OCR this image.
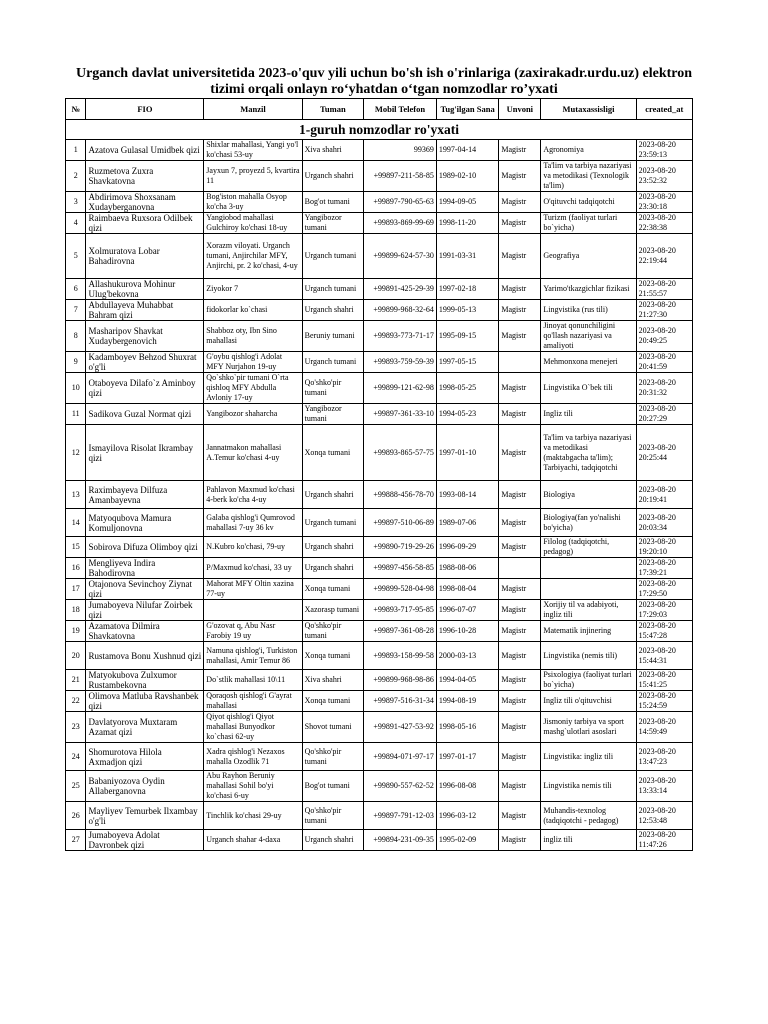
Urganch davlat universitetida 2023-o'quv yili uchun bo'sh ish o'rinlariga (zaxirakadr.urdu.uz) elektron
tizimi orqali onlayn ro‘yhatdan o‘tgan nomzodlar ro’yxati
№	FIO	Manzil	Tuman	Mobil Telefon	Tug'ilgan Sana	Unvoni	Mutaxassisligi	created_at
1-guruh nomzodlar ro'yxati								
1	Azatova Gulasal Umidbek qizi	Shixlar mahallasi, Yangi yo'l ko'chasi 53-uy	Xiva shahri	99369	1997-04-14	Magistr	Agronomiya	2023-08-20 23:59:13
2	Ruzmetova Zuxra Shavkatovna	Jayxun 7, proyezd 5, kvartira 11	Urganch shahri	+99897-211-58-85	1989-02-10	Magistr	Ta'lim va tarbiya nazariyasi va metodikasi (Texnologik ta'lim)	2023-08-20 23:52:32
3	Abdirimova Shoxsanam Xudayberganovna	Bog'iston mahalla Osyop ko'cha 3-uy	Bog'ot tumani	+99897-790-65-63	1994-09-05	Magistr	O'qituvchi tadqiqotchi	2023-08-20 23:30:18
4	Raimbaeva Ruxsora Odilbek qizi	Yangiobod mahallasi Gulchiroy ko'chasi 18-uy	Yangibozor tumani	+99893-869-99-69	1998-11-20	Magistr	Turizm (faoliyat turlari bo`yicha)	2023-08-20 22:38:38
5	Xolmuratova Lobar Bahadirovna	Xorazm viloyati. Urganch tumani, Anjirchilar MFY, Anjirchi, pr. 2 ko'chasi, 4-uy	Urganch tumani	+99899-624-57-30	1991-03-31	Magistr	Geografiya	2023-08-20 22:19:44
6	Allashukurova Mohinur Ulug'bekovna	Ziyokor 7	Urganch tumani	+99891-425-29-39	1997-02-18	Magistr	Yarimo'tkazgichlar fizikasi	2023-08-20 21:55:57
7	Abdullayeva Muhabbat Bahram qizi	fidokorlar ko`chasi	Urganch shahri	+99899-968-32-64	1999-05-13	Magistr	Lingvistika (rus tili)	2023-08-20 21:27:30
8	Masharipov Shavkat Xudaybergenovich	Shabboz oty, Ibn Sino mahallasi	Beruniy tumani	+99893-773-71-17	1995-09-15	Magistr	Jinoyat qonunchiligini qo'llash nazariyasi va amaliyoti	2023-08-20 20:49:25
9	Kadamboyev Behzod Shuxrat o'g'li	G'oybu qishlog'i Adolat MFY Nurjahon 19-uy	Urganch tumani	+99893-759-59-39	1997-05-15		Mehmonxona menejeri	2023-08-20 20:41:59
10	Otaboyeva Dilafo`z Aminboy qizi	Qo`shko`pir tumani O`rta qishloq MFY Abdulla Avloniy 17-uy	Qo'shko'pir tumani	+99899-121-62-98	1998-05-25	Magistr	Lingvistika O`bek tili	2023-08-20 20:31:32
11	Sadikova Guzal Normat qizi	Yangibozor shaharcha	Yangibozor tumani	+99897-361-33-10	1994-05-23	Magistr	Ingliz tili	2023-08-20 20:27:29
12	Ismayilova Risolat Ikrambay qizi	Jannatmakon mahallasi A.Temur ko'chasi 4-uy	Xonqa tumani	+99893-865-57-75	1997-01-10	Magistr	Ta'lim va tarbiya nazariyasi va metodikasi (maktabgacha ta'lim); Tarbiyachi, tadqiqotchi	2023-08-20 20:25:44
13	Raximbayeva Dilfuza Amanbayevna	Pahlavon Maxmud ko'chasi 4-berk ko'cha 4-uy	Urganch shahri	+99888-456-78-70	1993-08-14	Magistr	Biologiya	2023-08-20 20:19:41
14	Matyoqubova Mamura Komuljonovna	Galaba qishlog'i Qumrovod mahallasi 7-uy 36 kv	Urganch tumani	+99897-510-06-89	1989-07-06	Magistr	Biologiya(fan yo'nalishi bo'yicha)	2023-08-20 20:03:34
15	Sobirova Difuza Olimboy qizi	N.Kubro ko'chasi, 79-uy	Urganch shahri	+99890-719-29-26	1996-09-29	Magistr	Filolog (tadqiqotchi, pedagog)	2023-08-20 19:20:10
16	Mengliyeva Indira Bahodirovna	P/Maxmud ko'chasi, 33 uy	Urganch shahri	+99897-456-58-85	1988-08-06			2023-08-20 17:39:21
17	Otajonova Sevinchoy Ziynat qizi	Mahorat MFY Oltin xazina 77-uy	Xonqa tumani	+99899-528-04-98	1998-08-04	Magistr		2023-08-20 17:29:50
18	Jumaboyeva Nilufar Zoirbek qizi		Xazorasp tumani	+99893-717-95-85	1996-07-07	Magistr	Xorijiy til va adabiyoti, ingliz tili	2023-08-20 17:29:03
19	Azamatova Dilmira Shavkatovna	G'ozovat q, Abu Nasr Farobiy 19 uy	Qo'shko'pir tumani	+99897-361-08-28	1996-10-28	Magistr	Matematik injinering	2023-08-20 15:47:28
20	Rustamova Bonu Xushnud qizi	Namuna qishlog'i, Turkiston mahallasi, Amir Temur 86	Xonqa tumani	+99893-158-99-58	2000-03-13	Magistr	Lingvistika (nemis tili)	2023-08-20 15:44:31
21	Matyokubova Zulxumor Rustambekovna	Do`stlik mahallasi 10\11	Xiva shahri	+99899-968-98-86	1994-04-05	Magistr	Psixologiya (faoliyat turlari bo`yicha)	2023-08-20 15:41:25
22	Olimova Matluba Ravshanbek qizi	Qoraqosh qishlog'i G'ayrat mahallasi	Xonqa tumani	+99897-516-31-34	1994-08-19	Magistr	Ingliz tili o'qituvchisi	2023-08-20 15:24:59
23	Davlatyorova Muxtaram Azamat qizi	Qiyot qishlog'i Qiyot mahallasi Bunyodkor ko`chasi 62-uy	Shovot tumani	+99891-427-53-92	1998-05-16	Magistr	Jismoniy tarbiya va sport mashg`ulotlari asoslari	2023-08-20 14:59:49
24	Shomurotova Hilola Axmadjon qizi	Xadra qishlog'i Nezaxos mahalla Ozodlik 71	Qo'shko'pir tumani	+99894-071-97-17	1997-01-17	Magistr	Lingvistika: ingliz tili	2023-08-20 13:47:23
25	Babaniyozova Oydin Allaberganovna	Abu Rayhon Beruniy mahallasi Sohil bo'yi ko'chasi 6-uy	Bog'ot tumani	+99890-557-62-52	1996-08-08	Magistr	Lingvistika nemis tili	2023-08-20 13:33:14
26	Mayliyev Temurbek Ilxambay o'g'li	Tinchlik ko'chasi 29-uy	Qo'shko'pir tumani	+99897-791-12-03	1996-03-12	Magistr	Muhandis-texnolog (tadqiqotchi - pedagog)	2023-08-20 12:53:48
27	Jumaboyeva Adolat Davronbek qizi	Urganch shahar 4-daxa	Urganch shahri	+99894-231-09-35	1995-02-09	Magistr	ingliz tili	2023-08-20 11:47:26
